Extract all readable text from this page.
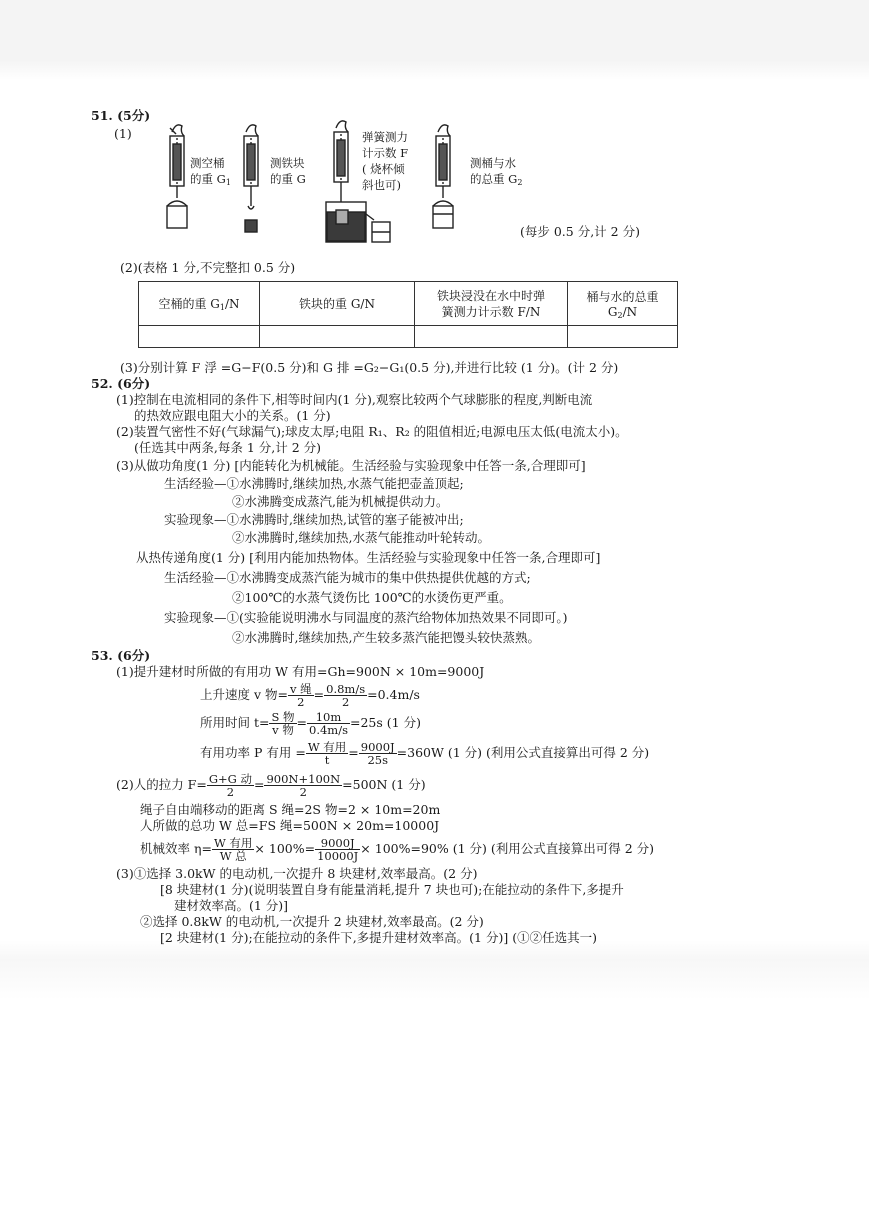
51. (5分)
(1)
测空桶
的重 $G_1$
测铁块
的重 G
弹簧测力
计示数 F
( 烧杯倾
斜也可)
测桶与水
的总重 $G_2$
(每步 0.5 分,计 2 分)
(2)(表格 1 分,不完整扣 0.5 分)
空桶的重 $G_1/N$	铁块的重 G/N	铁块浸没在水中时弹
簧测力计示数 F/N	桶与水的总重 $G_2/N$

(3)分别计算 F 浮 =G−F(0.5 分)和 G 排 =G₂−G₁(0.5 分),并进行比较 (1 分)。(计 2 分)
52. (6分)
(1)控制在电流相同的条件下,相等时间内(1 分),观察比较两个气球膨胀的程度,判断电流
的热效应跟电阻大小的关系。(1 分)
(2)装置气密性不好(气球漏气);球皮太厚;电阻 R₁、R₂ 的阻值相近;电源电压太低(电流太小)。
(任选其中两条,每条 1 分,计 2 分)
(3)从做功角度(1 分) [内能转化为机械能。生活经验与实验现象中任答一条,合理即可]
生活经验—①水沸腾时,继续加热,水蒸气能把壶盖顶起;
②水沸腾变成蒸汽,能为机械提供动力。
实验现象—①水沸腾时,继续加热,试管的塞子能被冲出;
②水沸腾时,继续加热,水蒸气能推动叶轮转动。
从热传递角度(1 分) [利用内能加热物体。生活经验与实验现象中任答一条,合理即可]
生活经验—①水沸腾变成蒸汽能为城市的集中供热提供优越的方式;
②100℃的水蒸气烫伤比 100℃的水烫伤更严重。
实验现象—①(实验能说明沸水与同温度的蒸汽给物体加热效果不同即可。)
②水沸腾时,继续加热,产生较多蒸汽能把馒头较快蒸熟。
53. (6分)
(1)提升建材时所做的有用功 W 有用=Gh=900N × 10m=9000J
上升速度 v 物= $\frac{\text{v 绳}}{2} = \frac{0.8m/s}{2} =0.4m/s$
所用时间 $t= \frac{\text{S 物}}{\text{v 物}} = \frac{10m}{0.4m/s} =25s$ (1 分)
有用功率 P 有用 = $\frac{\text{W 有用}}{t} = \frac{9000J}{25s} =360W$ (1 分) (利用公式直接算出可得 2 分)
(2)人的拉力 $F= \frac{\text{G+G 动}}{2} = \frac{900N+100N}{2} =500N$ (1 分)
绳子自由端移动的距离 S 绳=2S 物=2 × 10m=20m
人所做的总功 W 总=FS 绳=500N × 20m=10000J
机械效率 $\eta= \frac{\text{W 有用}}{\text{W 总}} \times 100\%= \frac{9000J}{10000J} \times 100\%=90\%$ (1 分) (利用公式直接算出可得 2 分)
(3)①选择 3.0kW 的电动机,一次提升 8 块建材,效率最高。(2 分)
[8 块建材(1 分)(说明装置自身有能量消耗,提升 7 块也可);在能拉动的条件下,多提升
建材效率高。(1 分)]
②选择 0.8kW 的电动机,一次提升 2 块建材,效率最高。(2 分)
[2 块建材(1 分);在能拉动的条件下,多提升建材效率高。(1 分)] (①②任选其一)
